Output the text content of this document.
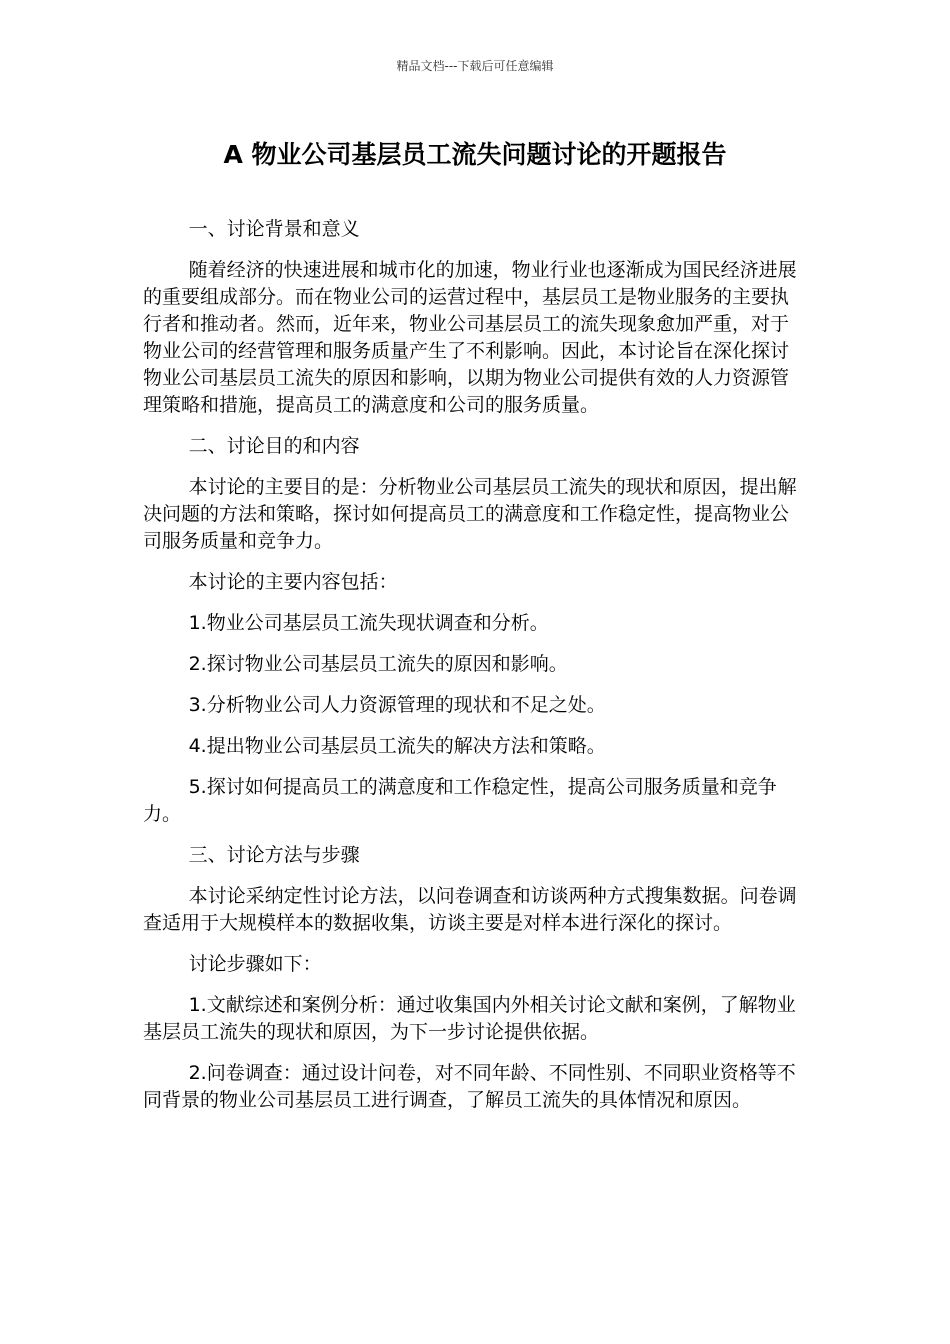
精品文档---下载后可任意编辑
A 物业公司基层员工流失问题讨论的开题报告

一、讨论背景和意义

随着经济的快速进展和城市化的加速，物业行业也逐渐成为国民经济进展的重要组成部分。而在物业公司的运营过程中，基层员工是物业服务的主要执行者和推动者。然而，近年来，物业公司基层员工的流失现象愈加严重，对于物业公司的经营管理和服务质量产生了不利影响。因此，本讨论旨在深化探讨物业公司基层员工流失的原因和影响，以期为物业公司提供有效的人力资源管理策略和措施，提高员工的满意度和公司的服务质量。

二、讨论目的和内容

本讨论的主要目的是：分析物业公司基层员工流失的现状和原因，提出解决问题的方法和策略，探讨如何提高员工的满意度和工作稳定性，提高物业公司服务质量和竞争力。

本讨论的主要内容包括：

1.物业公司基层员工流失现状调查和分析。

2.探讨物业公司基层员工流失的原因和影响。

3.分析物业公司人力资源管理的现状和不足之处。

4.提出物业公司基层员工流失的解决方法和策略。

5.探讨如何提高员工的满意度和工作稳定性，提高公司服务质量和竞争力。

三、讨论方法与步骤

本讨论采纳定性讨论方法，以问卷调查和访谈两种方式搜集数据。问卷调查适用于大规模样本的数据收集，访谈主要是对样本进行深化的探讨。

讨论步骤如下：

1.文献综述和案例分析：通过收集国内外相关讨论文献和案例，了解物业基层员工流失的现状和原因，为下一步讨论提供依据。

2.问卷调查：通过设计问卷，对不同年龄、不同性别、不同职业资格等不同背景的物业公司基层员工进行调查，了解员工流失的具体情况和原因。
